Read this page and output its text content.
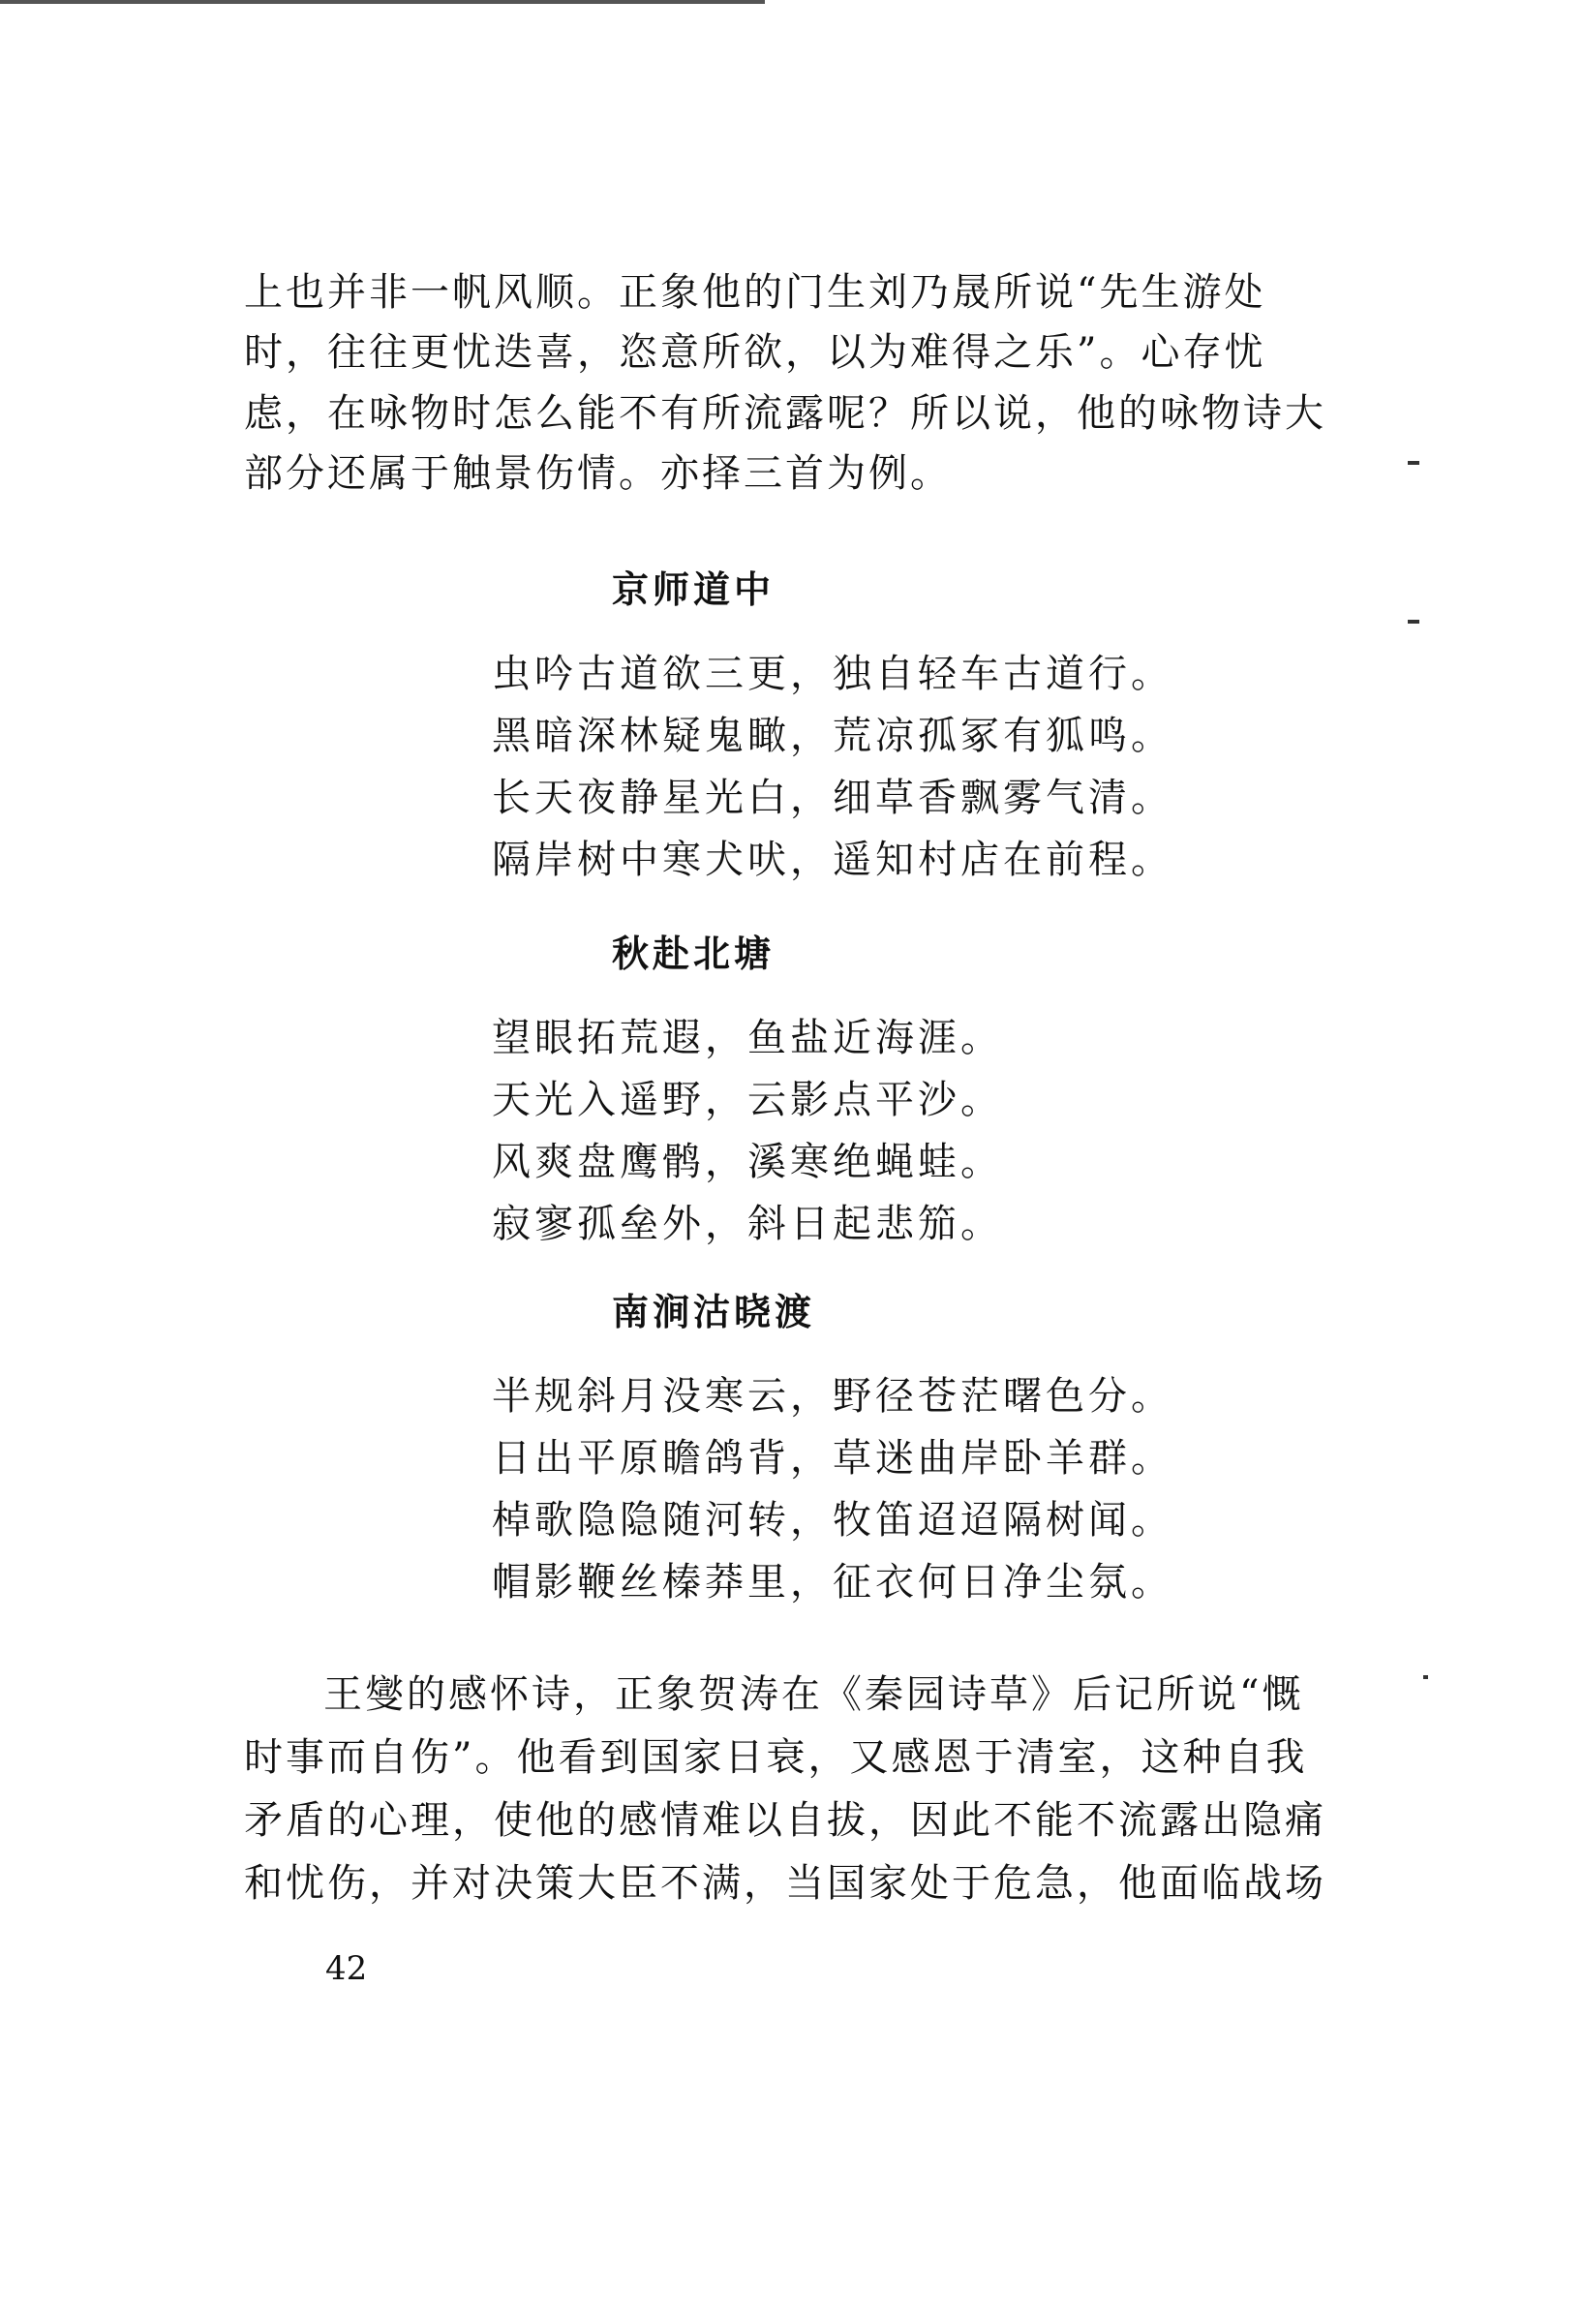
上也并非一帆风顺。正象他的门生刘乃晟所说“先生游处
时，往往更忧迭喜，恣意所欲，以为难得之乐”。心存忧
虑，在咏物时怎么能不有所流露呢？所以说，他的咏物诗大
部分还属于触景伤情。亦择三首为例。
京师道中
虫吟古道欲三更，独自轻车古道行。
黑暗深林疑鬼瞰，荒凉孤冢有狐鸣。
长天夜静星光白，细草香飘雾气清。
隔岸树中寒犬吠，遥知村店在前程。
秋赴北塘
望眼拓荒遐，鱼盐近海涯。
天光入遥野，云影点平沙。
风爽盘鹰鹘，溪寒绝蝇蛙。
寂寥孤垒外，斜日起悲笳。
南涧沽晓渡
半规斜月没寒云，野径苍茫曙色分。
日出平原瞻鸽背，草迷曲岸卧羊群。
棹歌隐隐随河转，牧笛迢迢隔树闻。
帽影鞭丝榛莽里，征衣何日净尘氛。
王燮的感怀诗，正象贺涛在《秦园诗草》后记所说“慨
时事而自伤”。他看到国家日衰，又感恩于清室，这种自我
矛盾的心理，使他的感情难以自拔，因此不能不流露出隐痛
和忧伤，并对决策大臣不满，当国家处于危急，他面临战场
42
